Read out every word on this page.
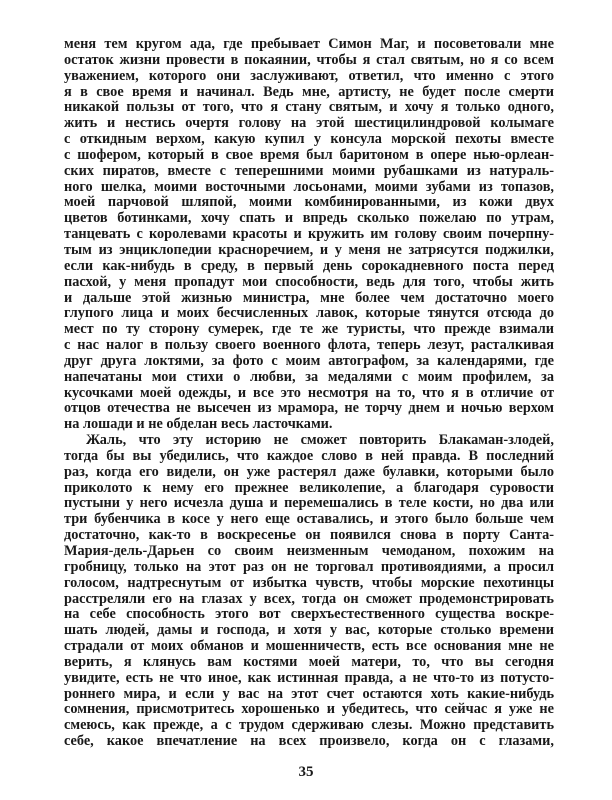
меня тем кругом ада, где пребывает Симон Маг, и посоветовали мне
остаток жизни провести в покаянии, чтобы я стал святым, но я со всем
уважением, которого они заслуживают, ответил, что именно с этого
я в свое время и начинал. Ведь мне, артисту, не будет после смерти
никакой пользы от того, что я стану святым, и хочу я только одного,
жить и нестись очертя голову на этой шестицилиндровой колымаге
с откидным верхом, какую купил у консула морской пехоты вместе
с шофером, который в свое время был баритоном в опере нью-орлеан-
ских пиратов, вместе с теперешними моими рубашками из натураль-
ного шелка, моими восточными лосьонами, моими зубами из топазов,
моей парчовой шляпой, моими комбинированными, из кожи двух
цветов ботинками, хочу спать и впредь сколько пожелаю по утрам,
танцевать с королевами красоты и кружить им голову своим почерпну-
тым из энциклопедии красноречием, и у меня не затрясутся поджилки,
если как-нибудь в среду, в первый день сорокадневного поста перед
пасхой, у меня пропадут мои способности, ведь для того, чтобы жить
и дальше этой жизнью министра, мне более чем достаточно моего
глупого лица и моих бесчисленных лавок, которые тянутся отсюда до
мест по ту сторону сумерек, где те же туристы, что прежде взимали
с нас налог в пользу своего военного флота, теперь лезут, расталкивая
друг друга локтями, за фото с моим автографом, за календарями, где
напечатаны мои стихи о любви, за медалями с моим профилем, за
кусочками моей одежды, и все это несмотря на то, что я в отличие от
отцов отечества не высечен из мрамора, не торчу днем и ночью верхом
на лошади и не обделан весь ласточками.
Жаль, что эту историю не сможет повторить Блакаман-злодей,
тогда бы вы убедились, что каждое слово в ней правда. В последний
раз, когда его видели, он уже растерял даже булавки, которыми было
приколото к нему его прежнее великолепие, а благодаря суровости
пустыни у него исчезла душа и перемешались в теле кости, но два или
три бубенчика в косе у него еще оставались, и этого было больше чем
достаточно, как-то в воскресенье он появился снова в порту Санта-
Мария-дель-Дарьен со своим неизменным чемоданом, похожим на
гробницу, только на этот раз он не торговал противоядиями, а просил
голосом, надтреснутым от избытка чувств, чтобы морские пехотинцы
расстреляли его на глазах у всех, тогда он сможет продемонстрировать
на себе способность этого вот сверхъестественного существа воскре-
шать людей, дамы и господа, и хотя у вас, которые столько времени
страдали от моих обманов и мошенничеств, есть все основания мне не
верить, я клянусь вам костями моей матери, то, что вы сегодня
увидите, есть не что иное, как истинная правда, а не что-то из потусто-
роннего мира, и если у вас на этот счет остаются хоть какие-нибудь
сомнения, присмотритесь хорошенько и убедитесь, что сейчас я уже не
смеюсь, как прежде, а с трудом сдерживаю слезы. Можно представить
себе, какое впечатление на всех произвело, когда он с глазами,
35
